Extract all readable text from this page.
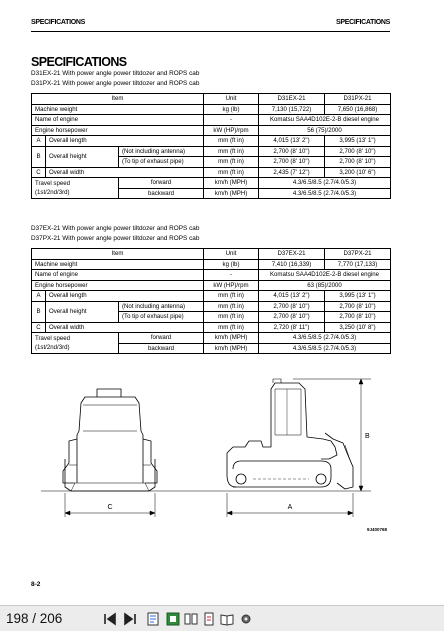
SPECIFICATIONS	SPECIFICATIONS
SPECIFICATIONS
D31EX-21 With power angle power tiltdozer and ROPS cab
D31PX-21 With power angle power tiltdozer and ROPS cab
Item			Unit	D31EX-21	D31PX-21
Machine weight			kg (lb)	7,130 (15,722)	7,650 (16,868)
Name of engine			-	Komatsu SAA4D102E-2-B diesel engine	
Engine horsepower			kW (HP)/rpm	56 (75)/2000	
A	Overall length		mm (ft in)	4,015 (13' 2")	3,995 (13' 1")
B	Overall height	(Not including antenna)	mm (ft in)	2,700 (8' 10")	2,700 (8' 10")
		(To tip of exhaust pipe)	mm (ft in)	2,700 (8' 10")	2,700 (8' 10")
C	Overall width		mm (ft in)	2,435 (7' 12")	3,200 (10' 6")
Travel speed		forward	km/h (MPH)	4.3/6.5/8.5 (2.7/4.0/5.3)	
(1st/2nd/3rd)		backward	km/h (MPH)	4.3/6.5/8.5 (2.7/4.0/5.3)	
D37EX-21 With power angle power tiltdozer and ROPS cab
D37PX-21 With power angle power tiltdozer and ROPS cab
Item			Unit	D37EX-21	D37PX-21
Machine weight			kg (lb)	7,410 (16,339)	7,770 (17,133)
Name of engine			-	Komatsu SAA4D102E-2-B diesel engine	
Engine horsepower			kW (HP)/rpm	63 (85)/2000	
A	Overall length		mm (ft in)	4,015 (13' 2")	3,995 (13' 1")
B	Overall height	(Not including antenna)	mm (ft in)	2,700 (8' 10")	2,700 (8' 10")
		(To tip of exhaust pipe)	mm (ft in)	2,700 (8' 10")	2,700 (8' 10")
C	Overall width		mm (ft in)	2,720 (8' 11")	3,250 (10' 8")
Travel speed		forward	km/h (MPH)	4.3/6.5/8.5 (2.7/4.0/5.3)	
(1st/2nd/3rd)		backward	km/h (MPH)	4.3/6.5/8.5 (2.7/4.0/5.3)	
C	A
B
9J400768
8-2
198 / 206
